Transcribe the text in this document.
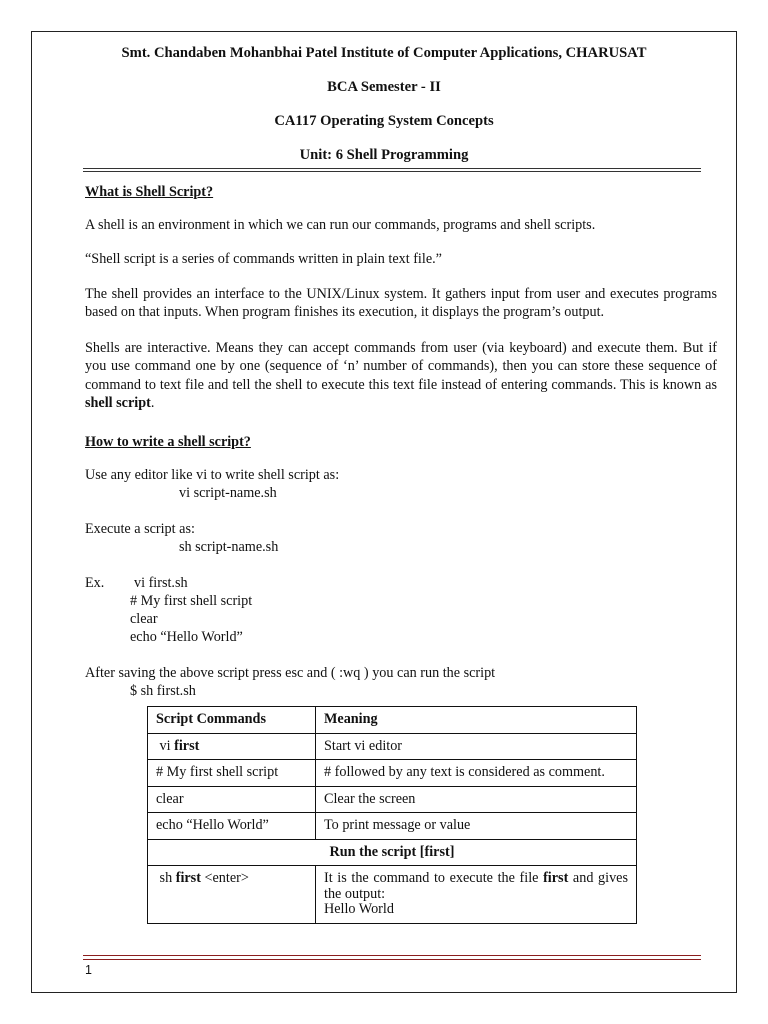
Smt. Chandaben Mohanbhai Patel Institute of Computer Applications, CHARUSAT
BCA Semester - II
CA117 Operating System Concepts
Unit: 6 Shell Programming
What is Shell Script?
A shell is an environment in which we can run our commands, programs and shell scripts.
“Shell script is a series of commands written in plain text file.”
The shell provides an interface to the UNIX/Linux system. It gathers input from user and executes programs based on that inputs. When program finishes its execution, it displays the program’s output.
Shells are interactive. Means they can accept commands from user (via keyboard) and execute them. But if you use command one by one (sequence of ‘n’ number of commands), then you can store these sequence of command to text file and tell the shell to execute this text file instead of entering commands. This is known as shell script.
How to write a shell script?
Use any editor like vi to write shell script as:
vi script-name.sh
Execute a script as:
sh script-name.sh
Ex. vi first.sh
# My first shell script
clear
echo “Hello World”
After saving the above script press esc and ( :wq ) you can run the script
$ sh first.sh
Script Commands	Meaning
vi first	Start vi editor
# My first shell script	# followed by any text is considered as comment.
clear	Clear the screen
echo “Hello World”	To print message or value
Run the script [first]	
sh first <enter>	It is the command to execute the file first and gives the output:
Hello World
1
